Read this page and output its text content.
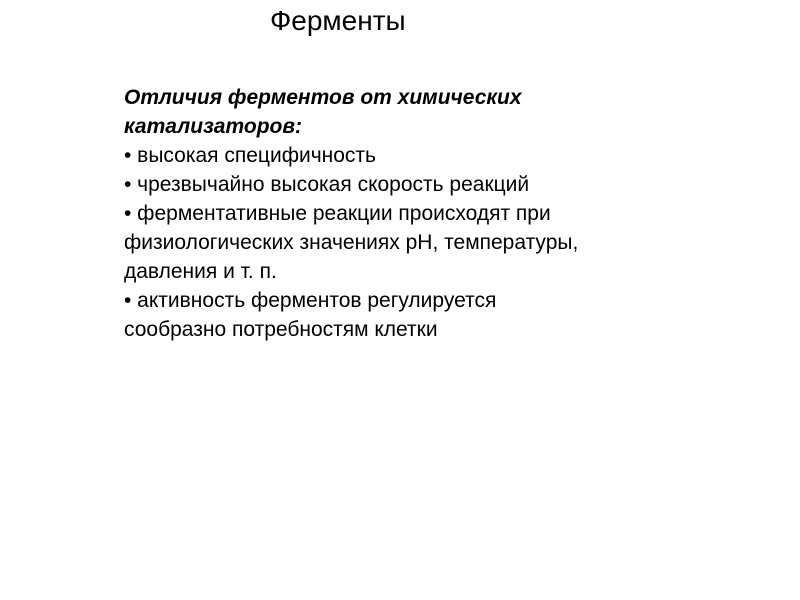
Ферменты
Отличия ферментов от химических
катализаторов:
• высокая специфичность
• чрезвычайно высокая скорость реакций
• ферментативные реакции происходят при
физиологических значениях pH, температуры,
давления и т. п.
• активность ферментов регулируется
сообразно потребностям клетки
